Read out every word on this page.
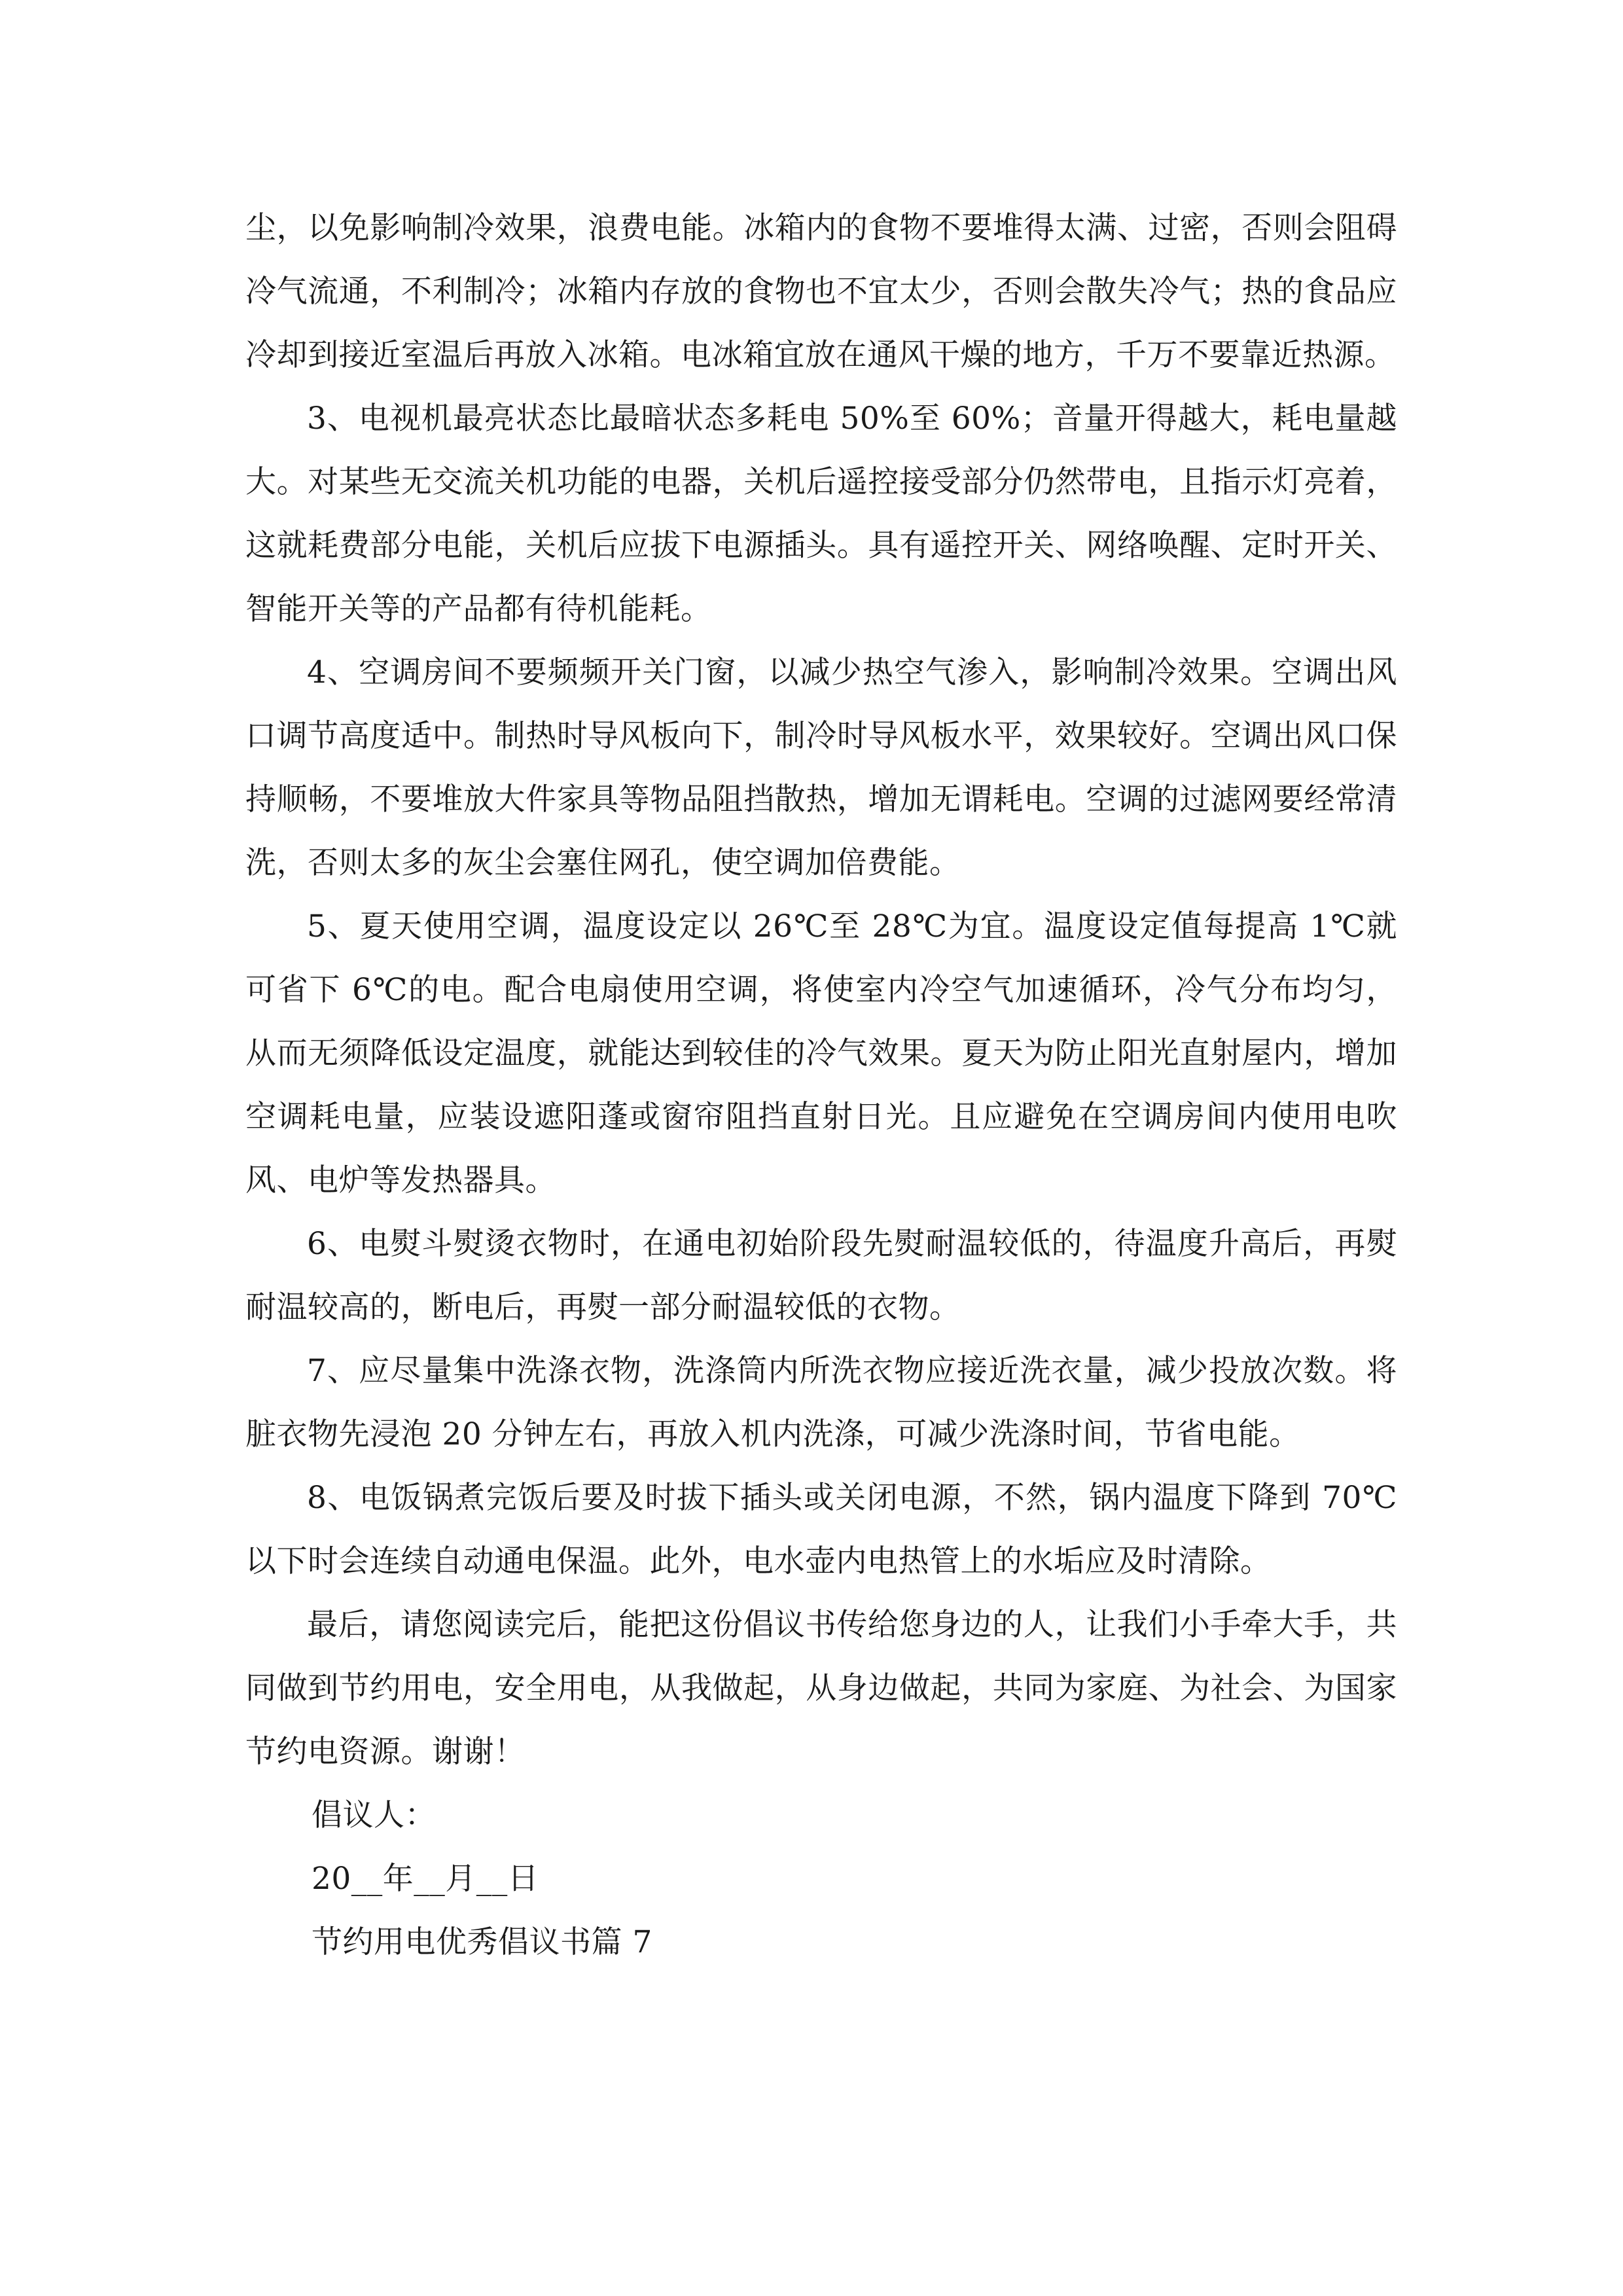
尘，以免影响制冷效果，浪费电能。冰箱内的食物不要堆得太满、过密，否则会阻碍冷气流通，不利制冷；冰箱内存放的食物也不宜太少，否则会散失冷气；热的食品应冷却到接近室温后再放入冰箱。电冰箱宜放在通风干燥的地方，千万不要靠近热源。

3、电视机最亮状态比最暗状态多耗电 50%至 60%；音量开得越大，耗电量越大。对某些无交流关机功能的电器，关机后遥控接受部分仍然带电，且指示灯亮着，这就耗费部分电能，关机后应拔下电源插头。具有遥控开关、网络唤醒、定时开关、智能开关等的产品都有待机能耗。

4、空调房间不要频频开关门窗，以减少热空气渗入，影响制冷效果。空调出风口调节高度适中。制热时导风板向下，制冷时导风板水平，效果较好。空调出风口保持顺畅，不要堆放大件家具等物品阻挡散热，增加无谓耗电。空调的过滤网要经常清洗，否则太多的灰尘会塞住网孔，使空调加倍费能。

5、夏天使用空调，温度设定以 26℃至 28℃为宜。温度设定值每提高 1℃就可省下 6℃的电。配合电扇使用空调，将使室内冷空气加速循环，冷气分布均匀，从而无须降低设定温度，就能达到较佳的冷气效果。夏天为防止阳光直射屋内，增加空调耗电量，应装设遮阳蓬或窗帘阻挡直射日光。且应避免在空调房间内使用电吹风、电炉等发热器具。

6、电熨斗熨烫衣物时，在通电初始阶段先熨耐温较低的，待温度升高后，再熨耐温较高的，断电后，再熨一部分耐温较低的衣物。

7、应尽量集中洗涤衣物，洗涤筒内所洗衣物应接近洗衣量，减少投放次数。将脏衣物先浸泡 20 分钟左右，再放入机内洗涤，可减少洗涤时间，节省电能。

8、电饭锅煮完饭后要及时拔下插头或关闭电源，不然，锅内温度下降到 70℃以下时会连续自动通电保温。此外，电水壶内电热管上的水垢应及时清除。

最后，请您阅读完后，能把这份倡议书传给您身边的人，让我们小手牵大手，共同做到节约用电，安全用电，从我做起，从身边做起，共同为家庭、为社会、为国家节约电资源。谢谢！

倡议人：

20__年__月__日

节约用电优秀倡议书篇 7
